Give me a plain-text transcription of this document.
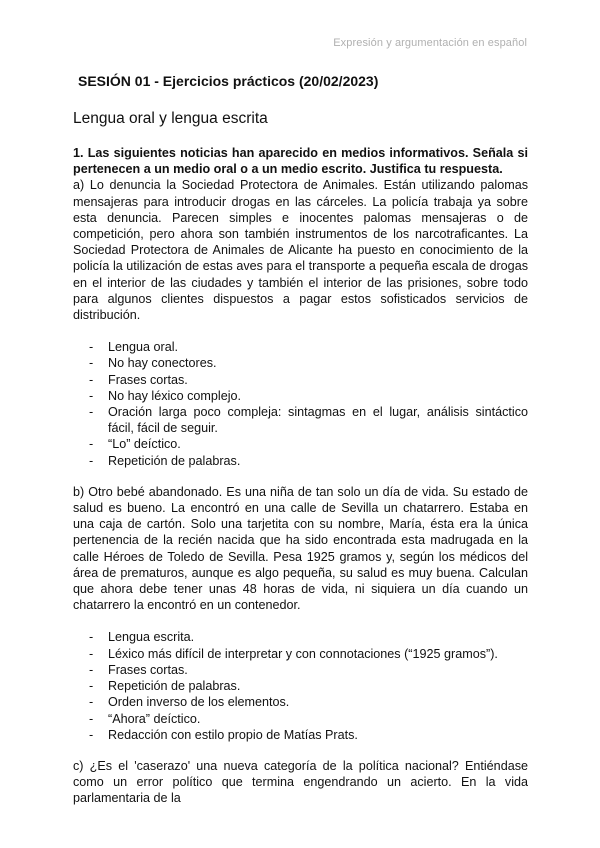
Expresión y argumentación en español
SESIÓN 01 - Ejercicios prácticos (20/02/2023)
Lengua oral y lengua escrita

1. Las siguientes noticias han aparecido en medios informativos. Señala si pertenecen a un medio oral o a un medio escrito. Justifica tu respuesta.

a) Lo denuncia la Sociedad Protectora de Animales. Están utilizando palomas mensajeras para introducir drogas en las cárceles. La policía trabaja ya sobre esta denuncia. Parecen simples e inocentes palomas mensajeras o de competición, pero ahora son también instrumentos de los narcotraficantes. La Sociedad Protectora de Animales de Alicante ha puesto en conocimiento de la policía la utilización de estas aves para el transporte a pequeña escala de drogas en el interior de las ciudades y también el interior de las prisiones, sobre todo para algunos clientes dispuestos a pagar estos sofisticados servicios de distribución.

- Lengua oral.
- No hay conectores.
- Frases cortas.
- No hay léxico complejo.
- Oración larga poco compleja: sintagmas en el lugar, análisis sintáctico fácil, fácil de seguir.
- “Lo” deíctico.
- Repetición de palabras.

b) Otro bebé abandonado. Es una niña de tan solo un día de vida. Su estado de salud es bueno. La encontró en una calle de Sevilla un chatarrero. Estaba en una caja de cartón. Solo una tarjetita con su nombre, María, ésta era la única pertenencia de la recién nacida que ha sido encontrada esta madrugada en la calle Héroes de Toledo de Sevilla. Pesa 1925 gramos y, según los médicos del área de prematuros, aunque es algo pequeña, su salud es muy buena. Calculan que ahora debe tener unas 48 horas de vida, ni siquiera un día cuando un chatarrero la encontró en un contenedor.

- Lengua escrita.
- Léxico más difícil de interpretar y con connotaciones (“1925 gramos”).
- Frases cortas.
- Repetición de palabras.
- Orden inverso de los elementos.
- “Ahora” deíctico.
- Redacción con estilo propio de Matías Prats.

c) ¿Es el 'caserazo' una nueva categoría de la política nacional? Entiéndase como un error político que termina engendrando un acierto. En la vida parlamentaria de la
